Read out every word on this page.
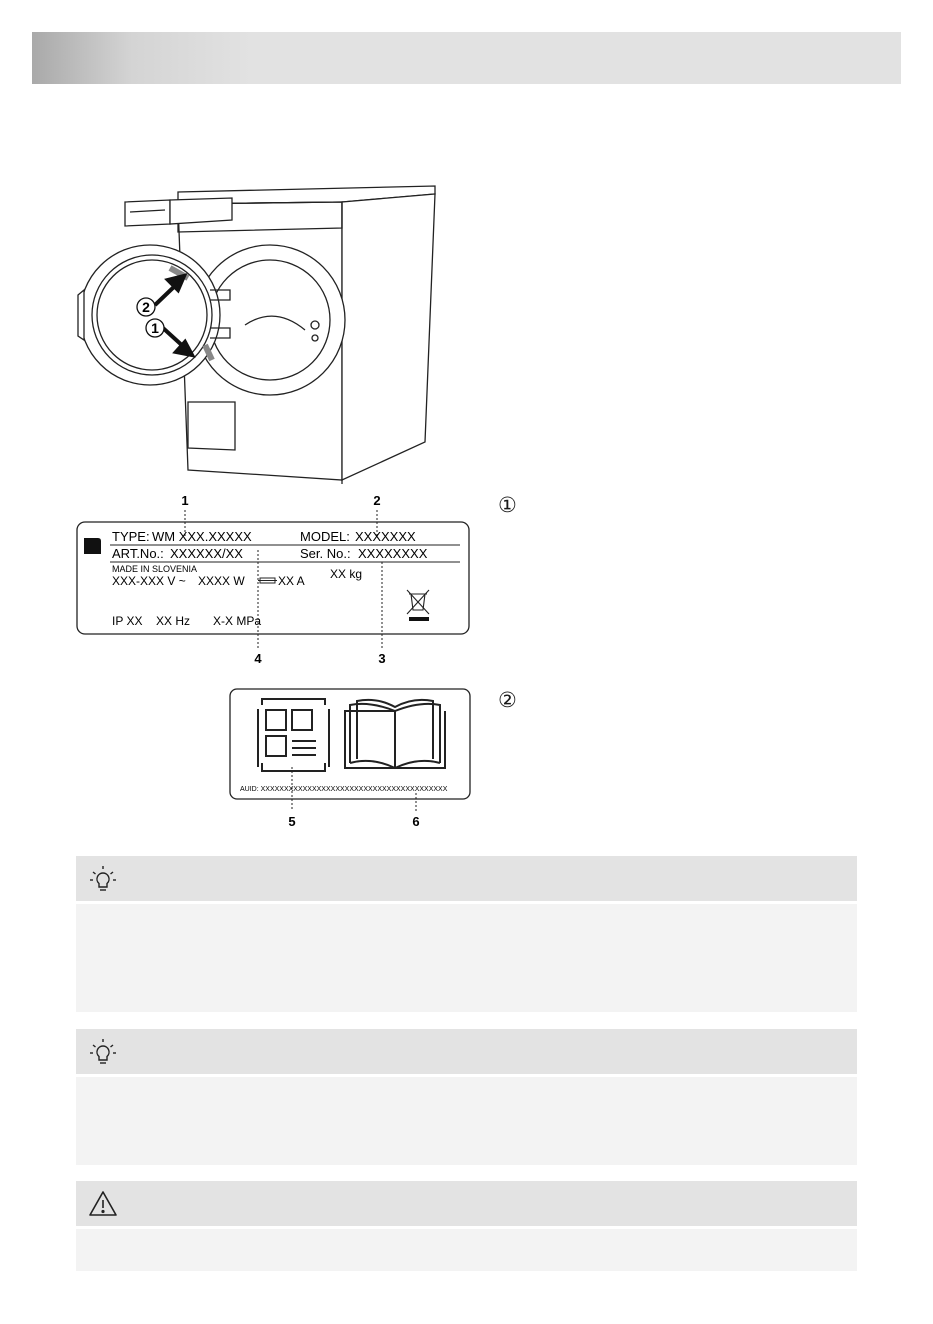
2
1
1	2
4	3
TYPE: WM XXX.XXXXX	MODEL: XXXXXXX
ART.No.: XXXXXX/XX	Ser. No.: XXXXXXXX
MADE IN SLOVENIA
XXX-XXX V ~ XXXX W	XX A XX kg
IP XX XX Hz X-X MPa
AUID: XXXXXXXXXXXXXXXXXXXXXXXXXXXXXXXXXXXXXXXX
5	6
①
②
